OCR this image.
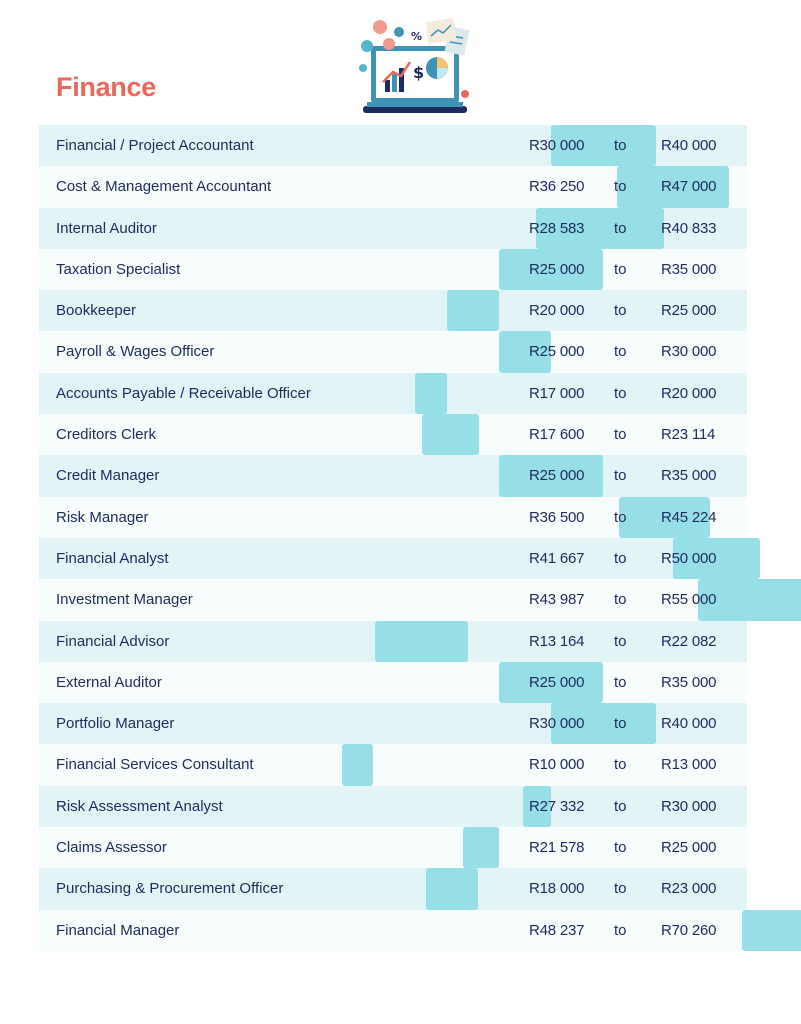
Finance	$
%
Financial / Project Accountant	R30 000 to R40 000
Cost & Management Accountant	R36 250 to R47 000
Internal Auditor	R28 583 to R40 833
Taxation Specialist	R25 000 to R35 000
Bookkeeper	R20 000 to R25 000
Payroll & Wages Officer	R25 000 to R30 000
Accounts Payable / Receivable Officer	R17 000 to R20 000
Creditors Clerk	R17 600 to R23 114
Credit Manager	R25 000 to R35 000
Risk Manager	R36 500 to R45 224
Financial Analyst	R41 667 to R50 000
Investment Manager	R43 987 to R55 000
Financial Advisor	R13 164 to R22 082
External Auditor	R25 000 to R35 000
Portfolio Manager	R30 000 to R40 000
Financial Services Consultant	R10 000 to R13 000
Risk Assessment Analyst	R27 332 to R30 000
Claims Assessor	R21 578 to R25 000
Purchasing & Procurement Officer	R18 000 to R23 000
Financial Manager	R48 237 to R70 260
